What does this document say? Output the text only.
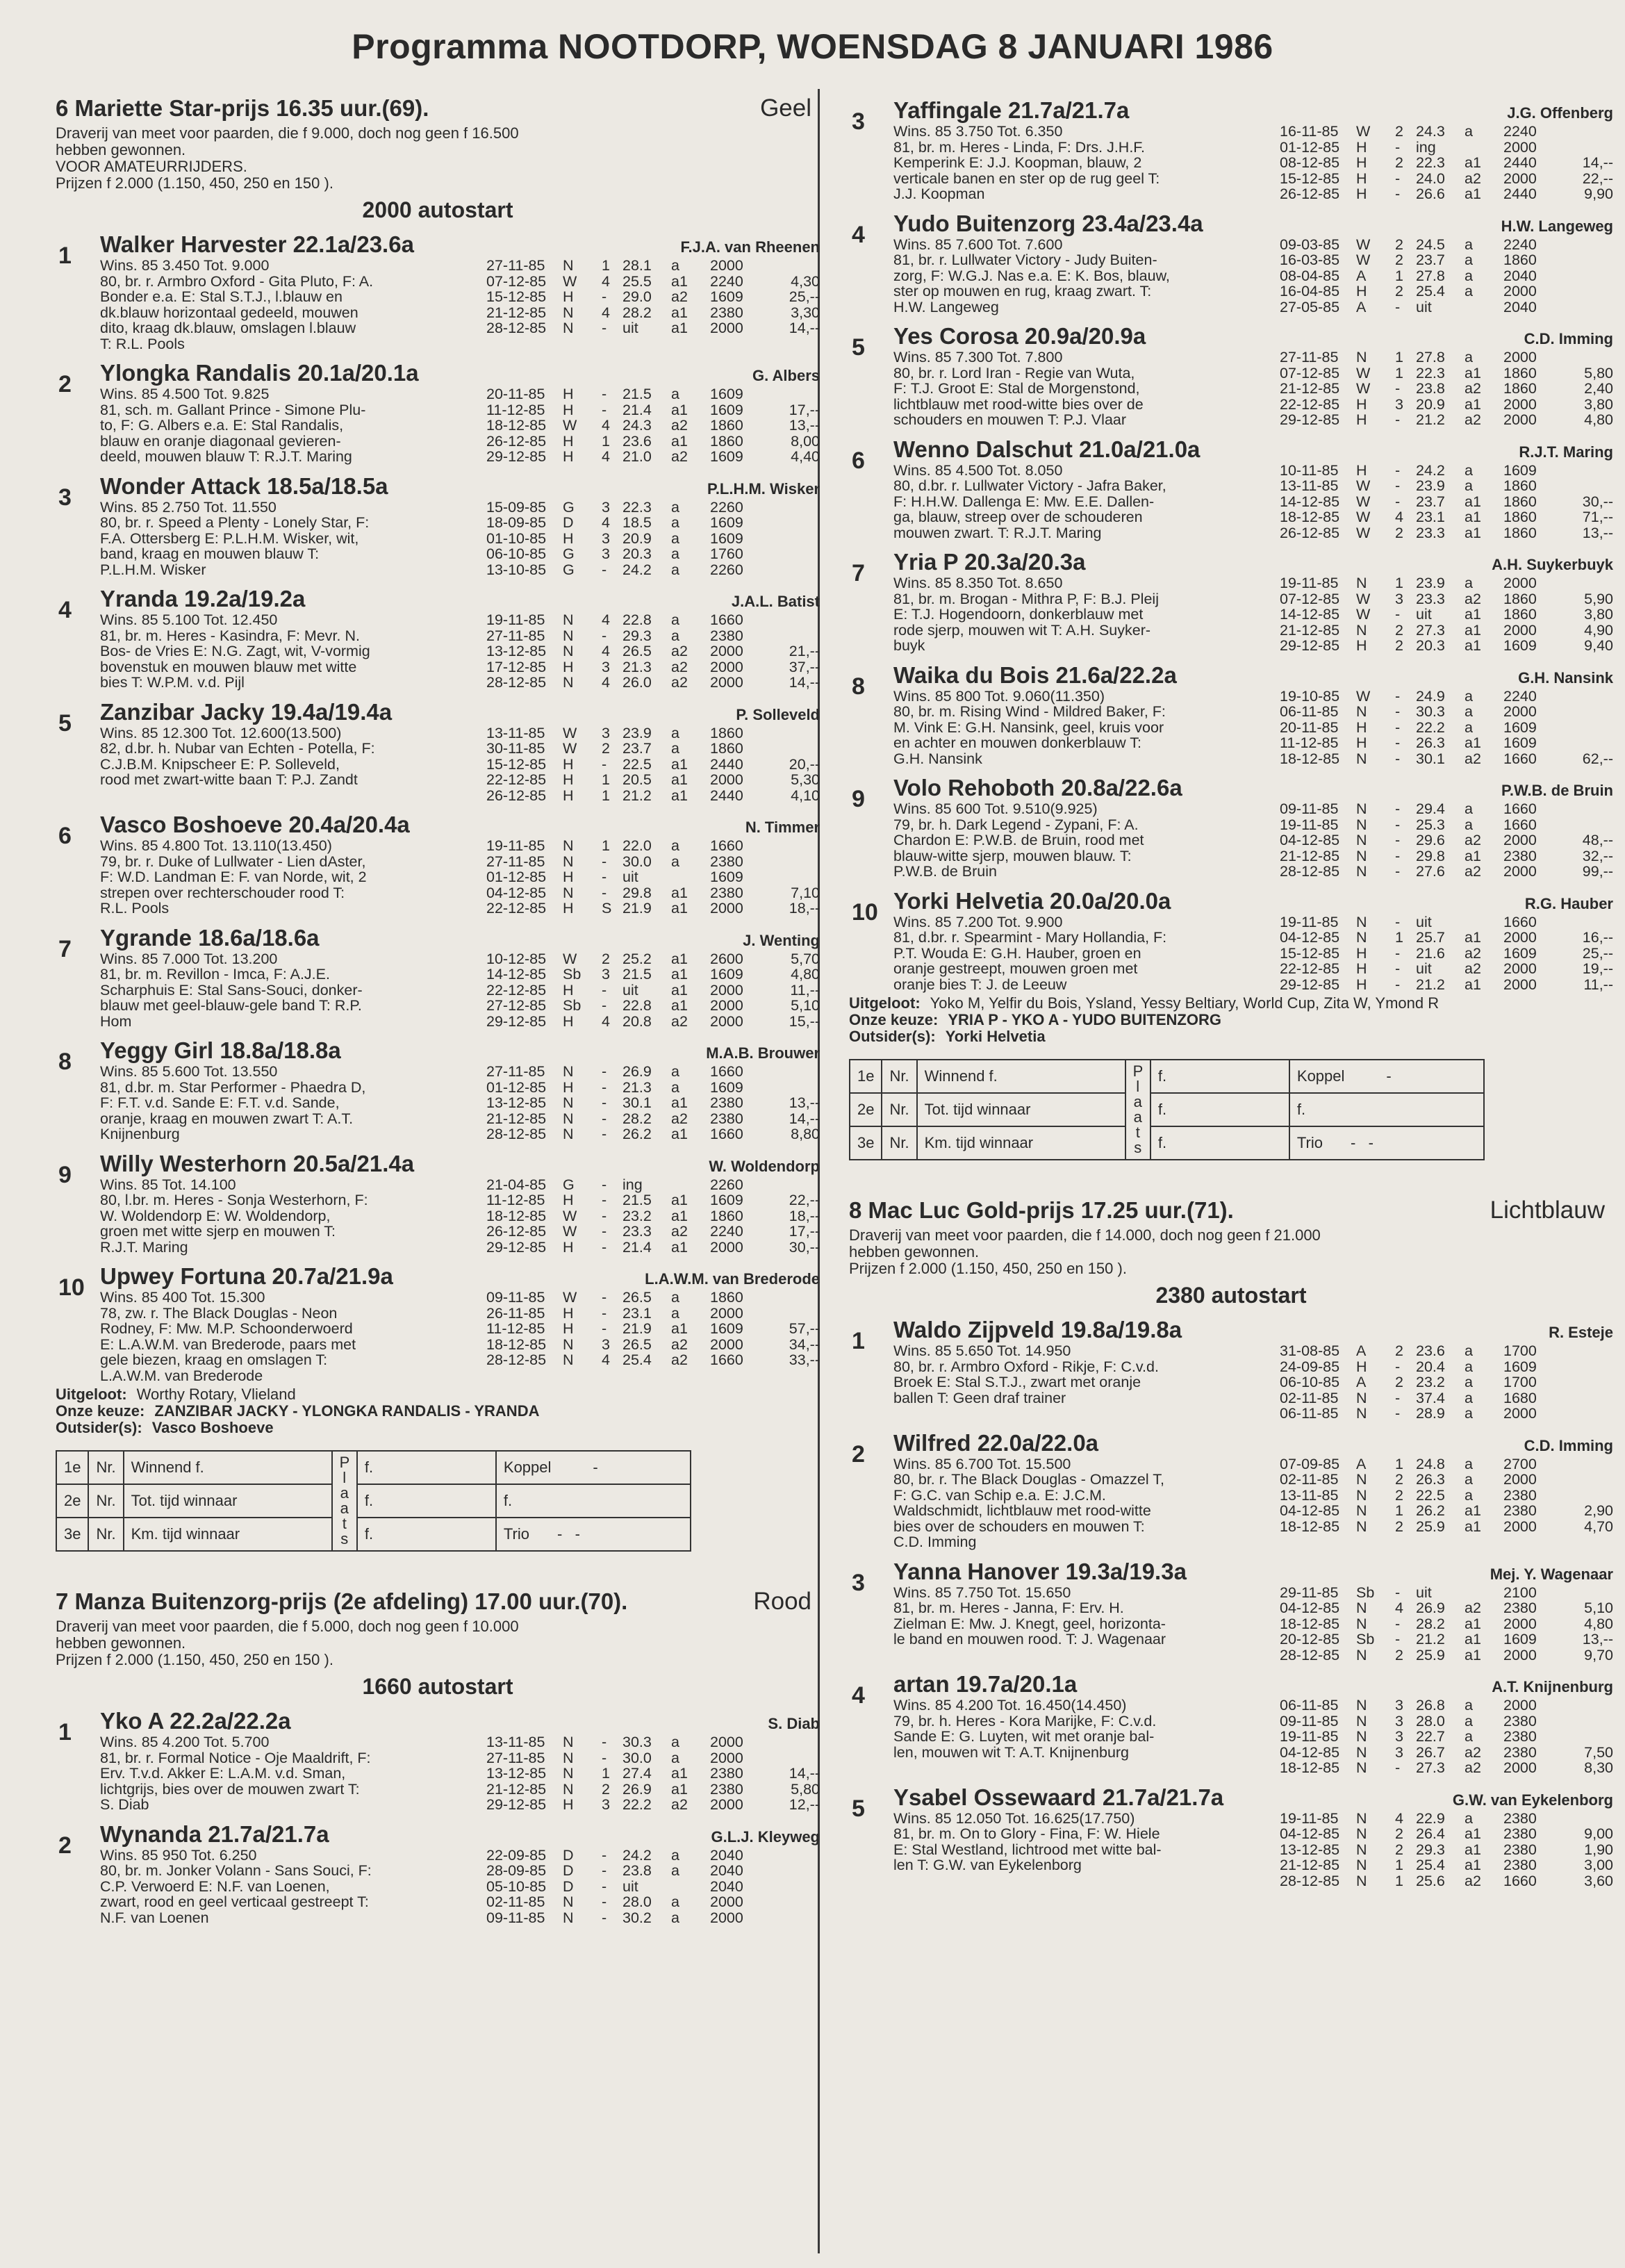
Programma NOOTDORP, WOENSDAG 8 JANUARI 1986
6 Mariette Star-prijs 16.35 uur.(69).	Geel
Draverij van meet voor paarden, die f 9.000, doch nog geen f 16.500
hebben gewonnen.
VOOR AMATEURRIJDERS.
Prijzen f 2.000 (1.150, 450, 250 en 150 ).
2000 autostart
1	Walker Harvester 22.1a/23.6a	F.J.A. van Rheenen
Wins. 85 3.450 Tot. 9.000
80, br. r. Armbro Oxford - Gita Pluto, F: A.
Bonder e.a. E: Stal S.T.J., l.blauw en
dk.blauw horizontaal gedeeld, mouwen
dito, kraag dk.blauw, omslagen l.blauw
T: R.L. Pools
27-11-85	N	1 28.1	a	2000
07-12-85	W	4 25.5	a1	2240	4,30
15-12-85	H	-	29.0	a2	1609	25,--
21-12-85	N	4 28.2	a1	2380	3,30
28-12-85	N	-	uit	a1	2000	14,--
2	Ylongka Randalis 20.1a/20.1a	G. Albers
Wins. 85 4.500 Tot. 9.825
81, sch. m. Gallant Prince - Simone Plu-
to, F: G. Albers e.a. E: Stal Randalis,
blauw en oranje diagonaal gevieren-
deeld, mouwen blauw T: R.J.T. Maring
20-11-85	H	-	21.5	a	1609
11-12-85	H	-	21.4	a1	1609	17,--
18-12-85	W	4 24.3	a2	1860	13,--
26-12-85	H	1 23.6	a1	1860	8,00
29-12-85	H	4 21.0	a2	1609	4,40
3	Wonder Attack 18.5a/18.5a	P.L.H.M. Wisker
Wins. 85 2.750 Tot. 11.550
80, br. r. Speed a Plenty - Lonely Star, F:
F.A. Ottersberg E: P.L.H.M. Wisker, wit,
band, kraag en mouwen blauw T:
P.L.H.M. Wisker
15-09-85	G	3 22.3	a	2260
18-09-85	D	4 18.5	a	1609
01-10-85	H	3 20.9	a	1609
06-10-85	G	3 20.3	a	1760
13-10-85	G	-	24.2	a	2260
4	Yranda 19.2a/19.2a	J.A.L. Batist
Wins. 85 5.100 Tot. 12.450
81, br. m. Heres - Kasindra, F: Mevr. N.
Bos- de Vries E: N.G. Zagt, wit, V-vormig
bovenstuk en mouwen blauw met witte
bies T: W.P.M. v.d. Pijl
19-11-85	N	4 22.8	a	1660
27-11-85	N	-	29.3	a	2380
13-12-85	N	4 26.5	a2	2000	21,--
17-12-85	H	3 21.3	a2	2000	37,--
28-12-85	N	4 26.0	a2	2000	14,--
5	Zanzibar Jacky 19.4a/19.4a	P. Solleveld
Wins. 85 12.300 Tot. 12.600(13.500)
82, d.br. h. Nubar van Echten - Potella, F:
C.J.B.M. Knipscheer E: P. Solleveld,
rood met zwart-witte baan T: P.J. Zandt
13-11-85	W	3 23.9	a	1860
30-11-85	W	2 23.7	a	1860
15-12-85	H	-	22.5	a1	2440	20,--
22-12-85	H	1 20.5	a1	2000	5,30
26-12-85	H	1 21.2	a1	2440	4,10
6	Vasco Boshoeve 20.4a/20.4a	N. Timmer
Wins. 85 4.800 Tot. 13.110(13.450)
79, br. r. Duke of Lullwater - Lien dAster,
F: W.D. Landman E: F. van Norde, wit, 2
strepen over rechterschouder rood T:
R.L. Pools
19-11-85	N	1 22.0	a	1660
27-11-85	N	-	30.0	a	2380
01-12-85	H	-	uit	1609
04-12-85	N	-	29.8	a1	2380	7,10
22-12-85	H	S 21.9	a1	2000	18,--
7	Ygrande 18.6a/18.6a	J. Wenting
Wins. 85 7.000 Tot. 13.200
81, br. m. Revillon - Imca, F: A.J.E.
Scharphuis E: Stal Sans-Souci, donker-
blauw met geel-blauw-gele band T: R.P.
Hom
10-12-85	W	2 25.2	a1	2600	5,70
14-12-85	Sb	3 21.5	a1	1609	4,80
22-12-85	H	-	uit	a1	2000	11,--
27-12-85	Sb	-	22.8	a1	2000	5,10
29-12-85	H	4 20.8	a2	2000	15,--
8	Yeggy Girl 18.8a/18.8a	M.A.B. Brouwer
Wins. 85 5.600 Tot. 13.550
81, d.br. m. Star Performer - Phaedra D,
F: F.T. v.d. Sande E: F.T. v.d. Sande,
oranje, kraag en mouwen zwart T: A.T.
Knijnenburg
27-11-85	N	-	26.9	a	1660
01-12-85	H	-	21.3	a	1609
13-12-85	N	-	30.1	a1	2380	13,--
21-12-85	N	-	28.2	a2	2380	14,--
28-12-85	N	-	26.2	a1	1660	8,80
9	Willy Westerhorn 20.5a/21.4a	W. Woldendorp
Wins. 85 Tot. 14.100
80, l.br. m. Heres - Sonja Westerhorn, F:
W. Woldendorp E: W. Woldendorp,
groen met witte sjerp en mouwen T:
R.J.T. Maring
21-04-85	G	-	ing	2260
11-12-85	H	-	21.5	a1	1609	22,--
18-12-85	W	-	23.2	a1	1860	18,--
26-12-85	W	-	23.3	a2	2240	17,--
29-12-85	H	-	21.4	a1	2000	30,--
10 Upwey Fortuna 20.7a/21.9a	L.A.W.M. van Brederode
Wins. 85 400 Tot. 15.300
78, zw. r. The Black Douglas - Neon
Rodney, F: Mw. M.P. Schoonderwoerd
E: L.A.W.M. van Brederode, paars met
gele biezen, kraag en omslagen T:
L.A.W.M. van Brederode
09-11-85	W	-	26.5	a	1860
26-11-85	H	-	23.1	a	2000
11-12-85	H	-	21.9	a1	1609	57,--
18-12-85	N	3 26.5	a2	2000	34,--
28-12-85	N	4 25.4	a2	1660	33,--
Uitgeloot: Worthy Rotary, Vlieland
Onze keuze: ZANZIBAR JACKY - YLONGKA RANDALIS - YRANDA
Outsider(s): Vasco Boshoeve
1e	Nr.	Winnend f.	P l a a t s	f.	Koppel -
2e	Nr.	Tot. tijd winnaar		f.	f.
3e	Nr.	Km. tijd winnaar		f.	Trio -   -
7 Manza Buitenzorg-prijs (2e afdeling) 17.00 uur.(70).	Rood
Draverij van meet voor paarden, die f 5.000, doch nog geen f 10.000
hebben gewonnen.
Prijzen f 2.000 (1.150, 450, 250 en 150 ).
1660 autostart
1	Yko A 22.2a/22.2a	S. Diab
Wins. 85 4.200 Tot. 5.700
81, br. r. Formal Notice - Oje Maaldrift, F:
Erv. T.v.d. Akker E: L.A.M. v.d. Sman,
lichtgrijs, bies over de mouwen zwart T:
S. Diab
13-11-85	N	-	30.3	a	2000
27-11-85	N	-	30.0	a	2000
13-12-85	N	1 27.4	a1	2380	14,--
21-12-85	N	2 26.9	a1	2380	5,80
29-12-85	H	3 22.2	a2	2000	12,--
2	Wynanda 21.7a/21.7a	G.L.J. Kleyweg
Wins. 85 950 Tot. 6.250
80, br. m. Jonker Volann - Sans Souci, F:
C.P. Verwoerd E: N.F. van Loenen,
zwart, rood en geel verticaal gestreept T:
N.F. van Loenen
22-09-85	D	-	24.2	a	2040
28-09-85	D	-	23.8	a	2040
05-10-85	D	-	uit	2040
02-11-85	N	-	28.0	a	2000
09-11-85	N	-	30.2	a	2000
3	Yaffingale 21.7a/21.7a	J.G. Offenberg
Wins. 85 3.750 Tot. 6.350
81, br. m. Heres - Linda, F: Drs. J.H.F.
Kemperink E: J.J. Koopman, blauw, 2
verticale banen en ster op de rug geel T:
J.J. Koopman
16-11-85	W	2 24.3	a	2240
01-12-85	H	-	ing	2000
08-12-85	H	2 22.3	a1	2440	14,--
15-12-85	H	-	24.0	a2	2000	22,--
26-12-85	H	-	26.6	a1	2440	9,90
4	Yudo Buitenzorg 23.4a/23.4a	H.W. Langeweg
Wins. 85 7.600 Tot. 7.600
81, br. r. Lullwater Victory - Judy Buiten-
zorg, F: W.G.J. Nas e.a. E: K. Bos, blauw,
ster op mouwen en rug, kraag zwart. T:
H.W. Langeweg
09-03-85	W	2 24.5	a	2240
16-03-85	W	2 23.7	a	1860
08-04-85	A	1 27.8	a	2040
16-04-85	H	2 25.4	a	2000
27-05-85	A	-	uit	2040
5	Yes Corosa 20.9a/20.9a	C.D. Imming
Wins. 85 7.300 Tot. 7.800
80, br. r. Lord Iran - Regie van Wuta,
F: T.J. Groot E: Stal de Morgenstond,
lichtblauw met rood-witte bies over de
schouders en mouwen T: P.J. Vlaar
27-11-85	N	1 27.8	a	2000
07-12-85	W	1 22.3	a1	1860	5,80
21-12-85	W	-	23.8	a2	1860	2,40
22-12-85	H	3 20.9	a1	2000	3,80
29-12-85	H	-	21.2	a2	2000	4,80
6	Wenno Dalschut 21.0a/21.0a	R.J.T. Maring
Wins. 85 4.500 Tot. 8.050
80, d.br. r. Lullwater Victory - Jafra Baker,
F: H.H.W. Dallenga E: Mw. E.E. Dallen-
ga, blauw, streep over de schouderen
mouwen zwart. T: R.J.T. Maring
10-11-85	H	-	24.2	a	1609
13-11-85	W	-	23.9	a	1860
14-12-85	W	-	23.7	a1	1860	30,--
18-12-85	W	4 23.1	a1	1860	71,--
26-12-85	W	2 23.3	a1	1860	13,--
7	Yria P 20.3a/20.3a	A.H. Suykerbuyk
Wins. 85 8.350 Tot. 8.650
81, br. m. Brogan - Mithra P, F: B.J. Pleij
E: T.J. Hogendoorn, donkerblauw met
rode sjerp, mouwen wit T: A.H. Suyker-
buyk
19-11-85	N	1 23.9	a	2000
07-12-85	W	3 23.3	a2	1860	5,90
14-12-85	W	-	uit	a1	1860	3,80
21-12-85	N	2 27.3	a1	2000	4,90
29-12-85	H	2 20.3	a1	1609	9,40
8	Waika du Bois 21.6a/22.2a	G.H. Nansink
Wins. 85 800 Tot. 9.060(11.350)
80, br. m. Rising Wind - Mildred Baker, F:
M. Vink E: G.H. Nansink, geel, kruis voor
en achter en mouwen donkerblauw T:
G.H. Nansink
19-10-85	W	-	24.9	a	2240
06-11-85	N	-	30.3	a	2000
20-11-85	H	-	22.2	a	1609
11-12-85	H	-	26.3	a1	1609
18-12-85	N	-	30.1	a2	1660	62,--
9	Volo Rehoboth 20.8a/22.6a	P.W.B. de Bruin
Wins. 85 600 Tot. 9.510(9.925)
79, br. h. Dark Legend - Zypani, F: A.
Chardon E: P.W.B. de Bruin, rood met
blauw-witte sjerp, mouwen blauw. T:
P.W.B. de Bruin
09-11-85	N	-	29.4	a	1660
19-11-85	N	-	25.3	a	1660
04-12-85	N	-	29.6	a2	2000	48,--
21-12-85	N	-	29.8	a1	2380	32,--
28-12-85	N	-	27.6	a2	2000	99,--
10 Yorki Helvetia 20.0a/20.0a	R.G. Hauber
Wins. 85 7.200 Tot. 9.900
81, d.br. r. Spearmint - Mary Hollandia, F:
P.T. Wouda E: G.H. Hauber, groen en
oranje gestreept, mouwen groen met
oranje bies T: J. de Leeuw
19-11-85	N	-	uit	1660
04-12-85	N	1 25.7	a1	2000	16,--
15-12-85	H	-	21.6	a2	1609	25,--
22-12-85	H	-	uit	a2	2000	19,--
29-12-85	H	-	21.2	a1	2000	11,--
Uitgeloot: Yoko M, Yelfir du Bois, Ysland, Yessy Beltiary, World Cup, Zita W, Ymond R
Onze keuze: YRIA P - YKO A - YUDO BUITENZORG
Outsider(s): Yorki Helvetia
1e	Nr.	Winnend f.	P l a a t s	f.	Koppel -
2e	Nr.	Tot. tijd winnaar		f.	f.
3e	Nr.	Km. tijd winnaar		f.	Trio -   -
8 Mac Luc Gold-prijs 17.25 uur.(71).	Lichtblauw
Draverij van meet voor paarden, die f 14.000, doch nog geen f 21.000
hebben gewonnen.
Prijzen f 2.000 (1.150, 450, 250 en 150 ).
2380 autostart
1	Waldo Zijpveld 19.8a/19.8a	R. Esteje
Wins. 85 5.650 Tot. 14.950
80, br. r. Armbro Oxford - Rikje, F: C.v.d.
Broek E: Stal S.T.J., zwart met oranje
ballen T: Geen draf trainer
31-08-85	A	2 23.6	a	1700
24-09-85	H	-	20.4	a	1609
06-10-85	A	2 23.2	a	1700
02-11-85	N	-	37.4	a	1680
06-11-85	N	-	28.9	a	2000
2	Wilfred 22.0a/22.0a	C.D. Imming
Wins. 85 6.700 Tot. 15.500
80, br. r. The Black Douglas - Omazzel T,
F: G.C. van Schip e.a. E: J.C.M.
Waldschmidt, lichtblauw met rood-witte
bies over de schouders en mouwen T:
C.D. Imming
07-09-85	A	1 24.8	a	2700
02-11-85	N	2 26.3	a	2000
13-11-85	N	2 22.5	a	2380
04-12-85	N	1 26.2	a1	2380	2,90
18-12-85	N	2 25.9	a1	2000	4,70
3	Yanna Hanover 19.3a/19.3a	Mej. Y. Wagenaar
Wins. 85 7.750 Tot. 15.650
81, br. m. Heres - Janna, F: Erv. H.
Zielman E: Mw. J. Knegt, geel, horizonta-
le band en mouwen rood. T: J. Wagenaar
29-11-85	Sb	-	uit	2100
04-12-85	N	4 26.9	a2	2380	5,10
18-12-85	N	-	28.2	a1	2000	4,80
20-12-85	Sb	-	21.2	a1	1609	13,--
28-12-85	N	2 25.9	a1	2000	9,70
4	artan 19.7a/20.1a	A.T. Knijnenburg
Wins. 85 4.200 Tot. 16.450(14.450)
79, br. h. Heres - Kora Marijke, F: C.v.d.
Sande E: G. Luyten, wit met oranje bal-
len, mouwen wit T: A.T. Knijnenburg
06-11-85	N	3 26.8	a	2000
09-11-85	N	3 28.0	a	2380
19-11-85	N	3 22.7	a	2380
04-12-85	N	3 26.7	a2	2380	7,50
18-12-85	N	-	27.3	a2	2000	8,30
5	Ysabel Ossewaard 21.7a/21.7a	G.W. van Eykelenborg
Wins. 85 12.050 Tot. 16.625(17.750)
81, br. m. On to Glory - Fina, F: W. Hiele
E: Stal Westland, lichtrood met witte bal-
len T: G.W. van Eykelenborg
19-11-85	N	4 22.9	a	2380
04-12-85	N	2 26.4	a1	2380	9,00
13-12-85	N	2 29.3	a1	2380	1,90
21-12-85	N	1 25.4	a1	2380	3,00
28-12-85	N	1 25.6	a2	1660	3,60
